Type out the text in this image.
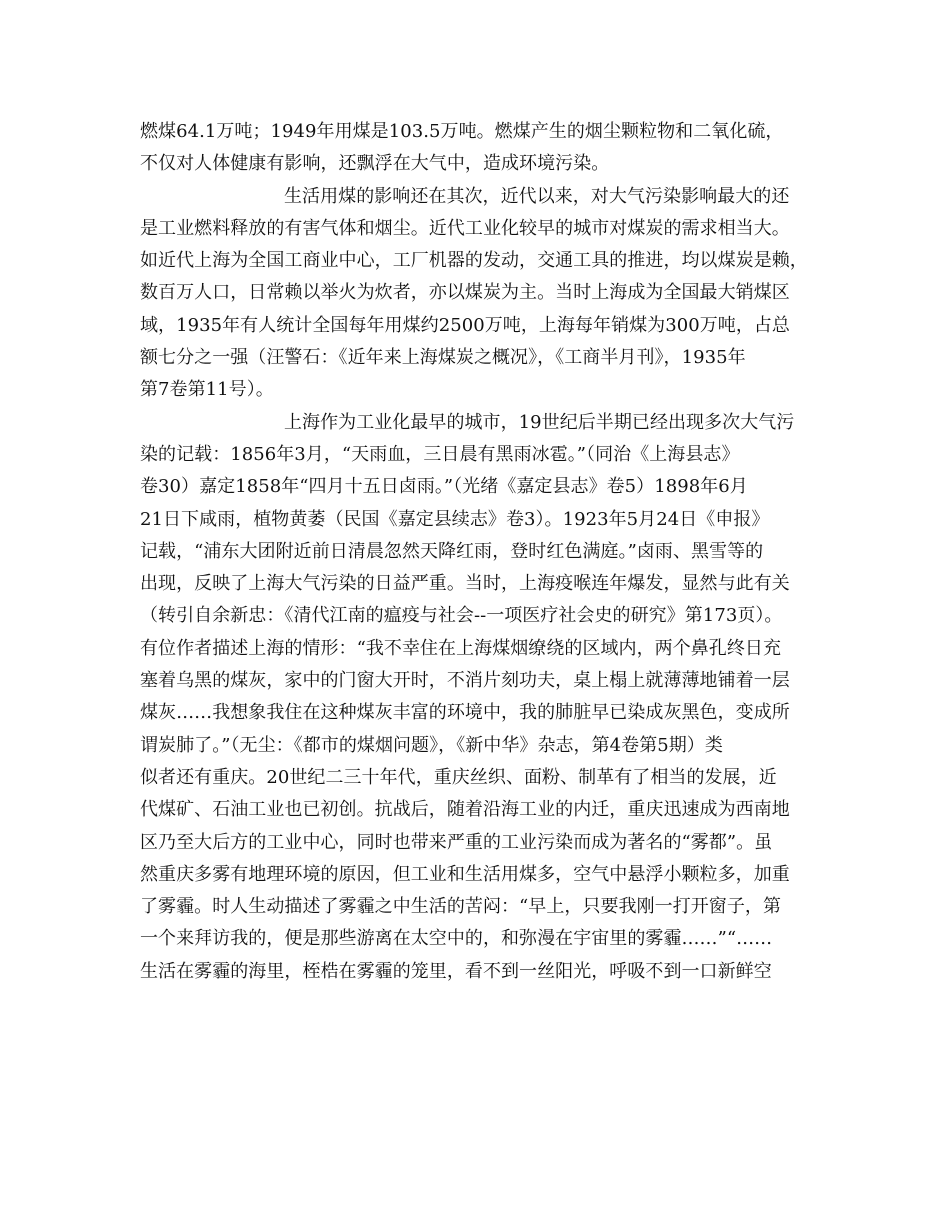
燃煤64.1万吨；1949年用煤是103.5万吨。燃煤产生的烟尘颗粒物和二氧化硫，
不仅对人体健康有影响，还飘浮在大气中，造成环境污染。
生活用煤的影响还在其次，近代以来，对大气污染影响最大的还
是工业燃料释放的有害气体和烟尘。近代工业化较早的城市对煤炭的需求相当大。
如近代上海为全国工商业中心，工厂机器的发动，交通工具的推进，均以煤炭是赖，
数百万人口，日常赖以举火为炊者，亦以煤炭为主。当时上海成为全国最大销煤区
域，1935年有人统计全国每年用煤约2500万吨，上海每年销煤为300万吨，占总
额七分之一强（汪警石：《近年来上海煤炭之概况》，《工商半月刊》，1935年
第7卷第11号）。
上海作为工业化最早的城市，19世纪后半期已经出现多次大气污
染的记载：1856年3月，“天雨血，三日晨有黑雨冰雹。”（同治《上海县志》
卷30）嘉定1858年“四月十五日卤雨。”（光绪《嘉定县志》卷5）1898年6月
21日下咸雨，植物黄萎（民国《嘉定县续志》卷3）。1923年5月24日《申报》
记载，“浦东大团附近前日清晨忽然天降红雨，登时红色满庭。”卤雨、黑雪等的
出现，反映了上海大气污染的日益严重。当时，上海疫喉连年爆发，显然与此有关
（转引自余新忠：《清代江南的瘟疫与社会--一项医疗社会史的研究》第173页）。
有位作者描述上海的情形：“我不幸住在上海煤烟缭绕的区域内，两个鼻孔终日充
塞着乌黑的煤灰，家中的门窗大开时，不消片刻功夫，桌上榻上就薄薄地铺着一层
煤灰……我想象我住在这种煤灰丰富的环境中，我的肺脏早已染成灰黑色，变成所
谓炭肺了。”（无尘：《都市的煤烟问题》，《新中华》杂志，第4卷第5期）类
似者还有重庆。20世纪二三十年代，重庆丝织、面粉、制革有了相当的发展，近
代煤矿、石油工业也已初创。抗战后，随着沿海工业的内迁，重庆迅速成为西南地
区乃至大后方的工业中心，同时也带来严重的工业污染而成为著名的“雾都”。虽
然重庆多雾有地理环境的原因，但工业和生活用煤多，空气中悬浮小颗粒多，加重
了雾霾。时人生动描述了雾霾之中生活的苦闷：“早上，只要我刚一打开窗子，第
一个来拜访我的，便是那些游离在太空中的，和弥漫在宇宙里的雾霾……”“……
生活在雾霾的海里，桎梏在雾霾的笼里，看不到一丝阳光，呼吸不到一口新鲜空
